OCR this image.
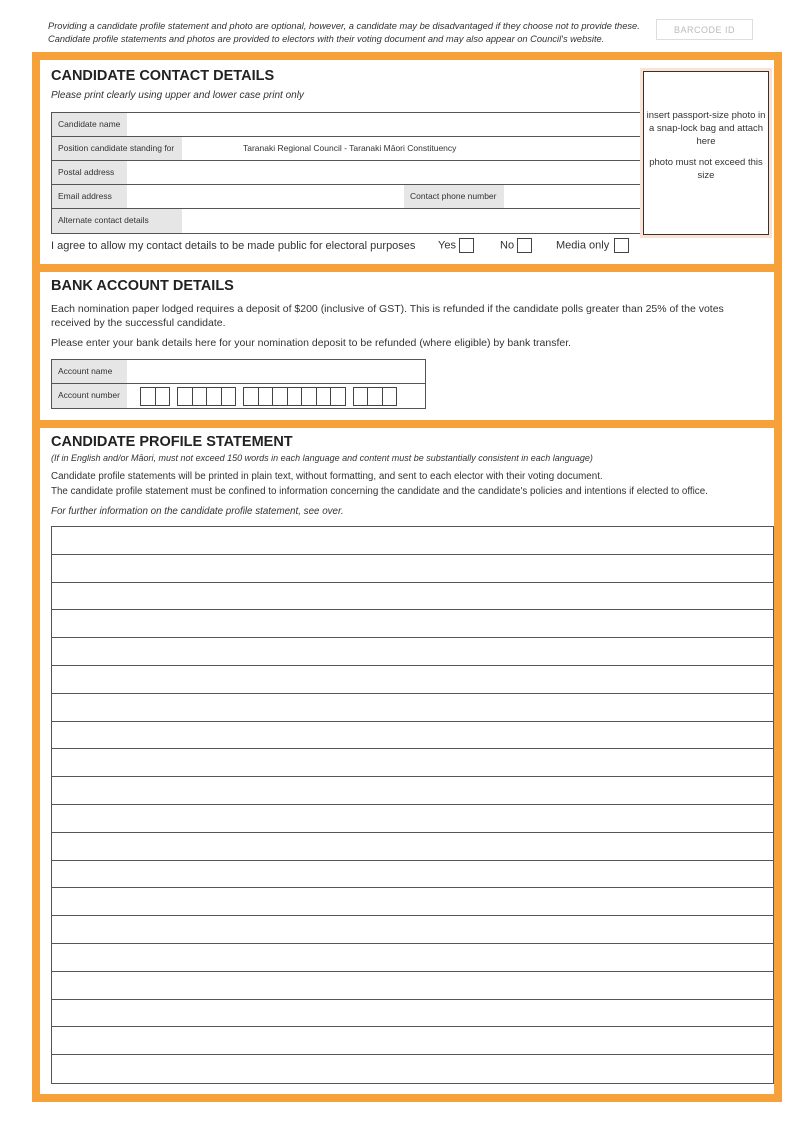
Providing a candidate profile statement and photo are optional, however, a candidate may be disadvantaged if they choose not to provide these.
Candidate profile statements and photos are provided to electors with their voting document and may also appear on Council's website.
BARCODE ID
CANDIDATE CONTACT DETAILS
Please print clearly using upper and lower case print only
Candidate name
Position candidate standing for	Taranaki Regional Council - Taranaki Māori Constituency
Postal address
Email address	Contact phone number
Alternate contact details
insert passport-size photo in a snap-lock bag and attach here
photo must not exceed this size
I agree to allow my contact details to be made public for electoral purposes Yes	No	Media only
BANK ACCOUNT DETAILS
Each nomination paper lodged requires a deposit of $200 (inclusive of GST). This is refunded if the candidate polls greater than 25% of the votes received by the successful candidate.
Please enter your bank details here for your nomination deposit to be refunded (where eligible) by bank transfer.
Account name
Account number
CANDIDATE PROFILE STATEMENT
(If in English and/or Māori, must not exceed 150 words in each language and content must be substantially consistent in each language)
Candidate profile statements will be printed in plain text, without formatting, and sent to each elector with their voting document.
The candidate profile statement must be confined to information concerning the candidate and the candidate's policies and intentions if elected to office.
For further information on the candidate profile statement, see over.
